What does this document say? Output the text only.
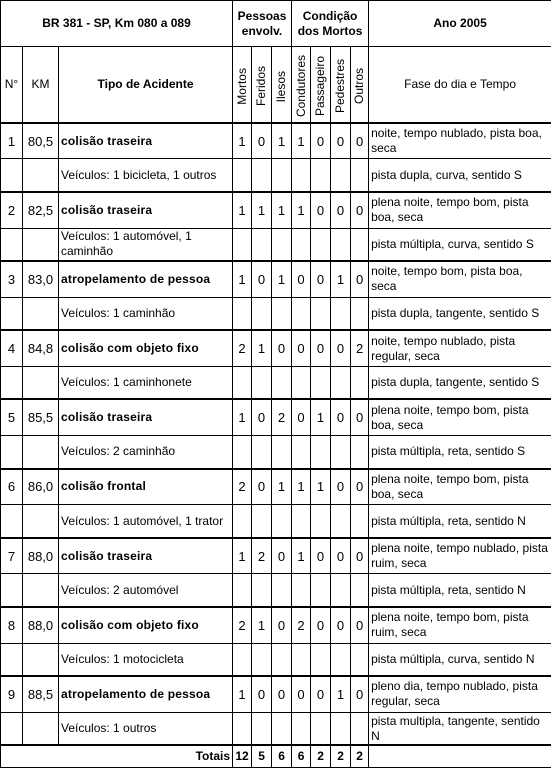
BR 381 - SP, Km 080 a 089			Pessoas envolv.			Condição dos Mortos				Ano 2005
N°	KM	Tipo de Acidente	Mortos	Feridos	Ilesos	Condutores	Passageiro	Pedestres	Outros	Fase do dia e Tempo
1	80,5	colisão traseira	1	0	1	1	0	0	0	noite, tempo nublado, pista boa, seca
		Veículos: 1 bicicleta, 1 outros								pista dupla, curva, sentido S
2	82,5	colisão traseira	1	1	1	1	0	0	0	plena noite, tempo bom, pista boa, seca
		Veículos: 1 automóvel, 1 caminhão								pista múltipla, curva, sentido S
3	83,0	atropelamento de pessoa	1	0	1	0	0	1	0	noite, tempo bom, pista boa, seca
		Veículos: 1 caminhão								pista dupla, tangente, sentido S
4	84,8	colisão com objeto fixo	2	1	0	0	0	0	2	noite, tempo nublado, pista regular, seca
		Veículos: 1 caminhonete								pista dupla, tangente, sentido S
5	85,5	colisão traseira	1	0	2	0	1	0	0	plena noite, tempo bom, pista boa, seca
		Veículos: 2 caminhão								pista múltipla, reta, sentido S
6	86,0	colisão frontal	2	0	1	1	1	0	0	plena noite, tempo bom, pista boa, seca
		Veículos: 1 automóvel, 1 trator								pista múltipla, reta, sentido N
7	88,0	colisão traseira	1	2	0	1	0	0	0	plena noite, tempo nublado, pista ruim, seca
		Veículos: 2 automóvel								pista múltipla, reta, sentido N
8	88,0	colisão com objeto fixo	2	1	0	2	0	0	0	plena noite, tempo bom, pista ruim, seca
		Veículos: 1 motocicleta								pista múltipla, curva, sentido N
9	88,5	atropelamento de pessoa	1	0	0	0	0	1	0	pleno dia, tempo nublado, pista regular, seca
		Veículos: 1 outros								pista multipla, tangente, sentido N
Totais			12	5	6	6	2	2	2	
